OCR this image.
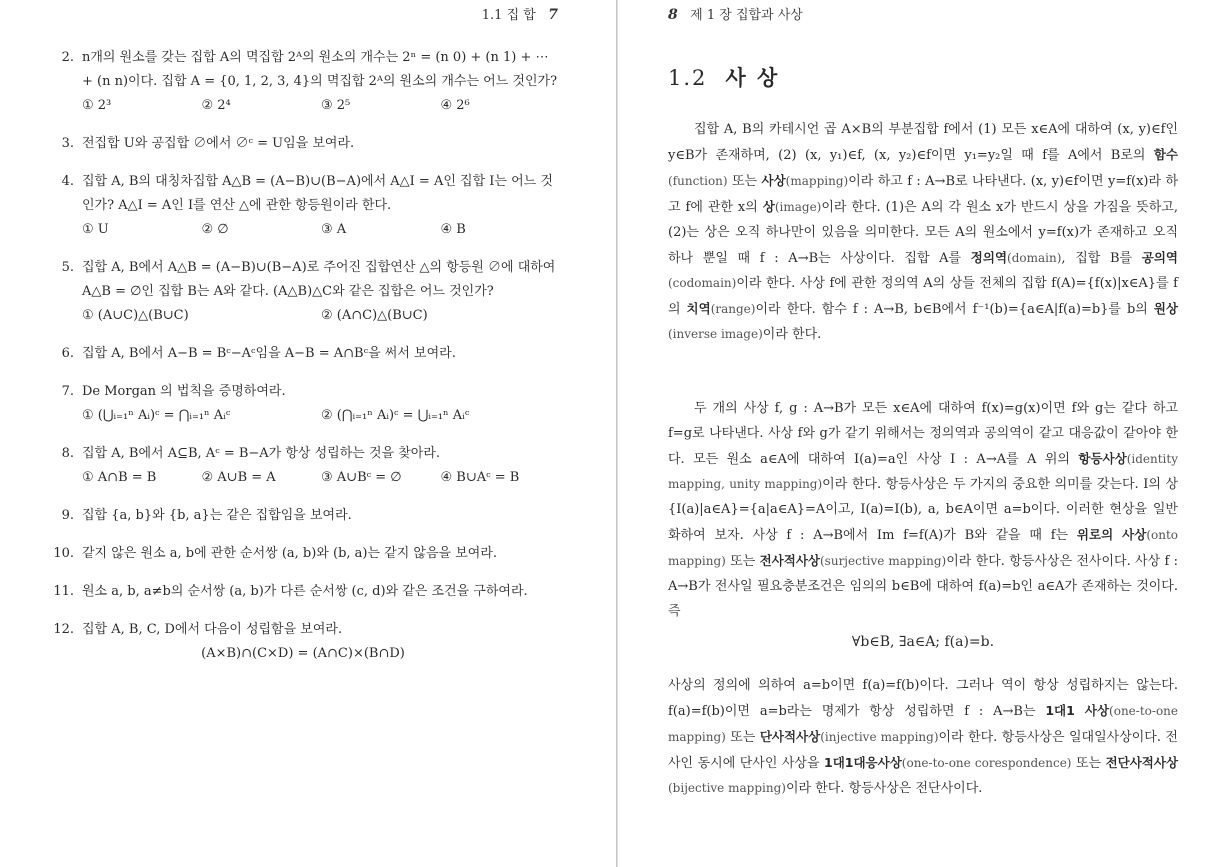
1.1 집 합 7
2. n개의 원소를 갖는 집합 A의 멱집합 2ᴬ의 원소의 개수는 2ⁿ = (n 0) + (n 1) + ⋯ + (n n)이다. 집합 A = {0, 1, 2, 3, 4}의 멱집합 2ᴬ의 원소의 개수는 어느 것인가?
① 2³	② 2⁴	③ 2⁵	④ 2⁶
3. 전집합 U와 공집합 ∅에서 ∅ᶜ = U임을 보여라.
4. 집합 A, B의 대칭차집합 A△B = (A−B)∪(B−A)에서 A△I = A인 집합 I는 어느 것인가? A△I = A인 I를 연산 △에 관한 항등원이라 한다.
① U	② ∅	③ A	④ B
5. 집합 A, B에서 A△B = (A−B)∪(B−A)로 주어진 집합연산 △의 항등원 ∅에 대하여 A△B = ∅인 집합 B는 A와 같다. (A△B)△C와 같은 집합은 어느 것인가?
① (A∪C)△(B∪C)	② (A∩C)△(B∪C)
6. 집합 A, B에서 A−B = Bᶜ−Aᶜ임을 A−B = A∩Bᶜ을 써서 보여라.
7. De Morgan 의 법칙을 증명하여라.
① (⋃ᵢ₌₁ⁿ Aᵢ)ᶜ = ⋂ᵢ₌₁ⁿ Aᵢᶜ	② (⋂ᵢ₌₁ⁿ Aᵢ)ᶜ = ⋃ᵢ₌₁ⁿ Aᵢᶜ
8. 집합 A, B에서 A⊆B, Aᶜ = B−A가 항상 성립하는 것을 찾아라.
① A∩B = B	② A∪B = A	③ A∪Bᶜ = ∅	④ B∪Aᶜ = B
9. 집합 {a, b}와 {b, a}는 같은 집합임을 보여라.
10. 같지 않은 원소 a, b에 관한 순서쌍 (a, b)와 (b, a)는 같지 않음을 보여라.
11. 원소 a, b, a≠b의 순서쌍 (a, b)가 다른 순서쌍 (c, d)와 같은 조건을 구하여라.
12. 집합 A, B, C, D에서 다음이 성립함을 보여라.
(A×B)∩(C×D) = (A∩C)×(B∩D)
8 제 1 장 집합과 사상
1.2 사 상
집합 A, B의 카테시언 곱 A×B의 부분집합 f에서 (1) 모든 x∈A에 대하여 (x, y)∈f인 y∈B가 존재하며, (2) (x, y₁)∈f, (x, y₂)∈f이면 y₁=y₂일 때 f를 A에서 B로의 함수(function) 또는 사상(mapping)이라 하고 f : A→B로 나타낸다. (x, y)∈f이면 y=f(x)라 하고 f에 관한 x의 상(image)이라 한다. (1)은 A의 각 원소 x가 반드시 상을 가짐을 뜻하고, (2)는 상은 오직 하나만이 있음을 의미한다. 모든 A의 원소에서 y=f(x)가 존재하고 오직 하나 뿐일 때 f : A→B는 사상이다. 집합 A를 정의역(domain), 집합 B를 공의역(codomain)이라 한다. 사상 f에 관한 정의역 A의 상들 전체의 집합 f(A)={f(x)|x∈A}를 f의 치역(range)이라 한다. 함수 f : A→B, b∈B에서 f⁻¹(b)={a∈A|f(a)=b}를 b의 원상(inverse image)이라 한다.
두 개의 사상 f, g : A→B가 모든 x∈A에 대하여 f(x)=g(x)이면 f와 g는 같다 하고 f=g로 나타낸다. 사상 f와 g가 같기 위해서는 정의역과 공의역이 같고 대응값이 같아야 한다. 모든 원소 a∈A에 대하여 I(a)=a인 사상 I : A→A를 A 위의 항등사상(identity mapping, unity mapping)이라 한다. 항등사상은 두 가지의 중요한 의미를 갖는다. I의 상 {I(a)|a∈A}={a|a∈A}=A이고, I(a)=I(b), a, b∈A이면 a=b이다. 이러한 현상을 일반화하여 보자. 사상 f : A→B에서 Im f=f(A)가 B와 같을 때 f는 위로의 사상(onto mapping) 또는 전사적사상(surjective mapping)이라 한다. 항등사상은 전사이다. 사상 f : A→B가 전사일 필요충분조건은 임의의 b∈B에 대하여 f(a)=b인 a∈A가 존재하는 것이다. 즉
∀b∈B, ∃a∈A; f(a)=b.
사상의 정의에 의하여 a=b이면 f(a)=f(b)이다. 그러나 역이 항상 성립하지는 않는다. f(a)=f(b)이면 a=b라는 명제가 항상 성립하면 f : A→B는 1대1 사상(one-to-one mapping) 또는 단사적사상(injective mapping)이라 한다. 항등사상은 일대일사상이다. 전사인 동시에 단사인 사상을 1대1대응사상(one-to-one corespondence) 또는 전단사적사상(bijective mapping)이라 한다. 항등사상은 전단사이다.
